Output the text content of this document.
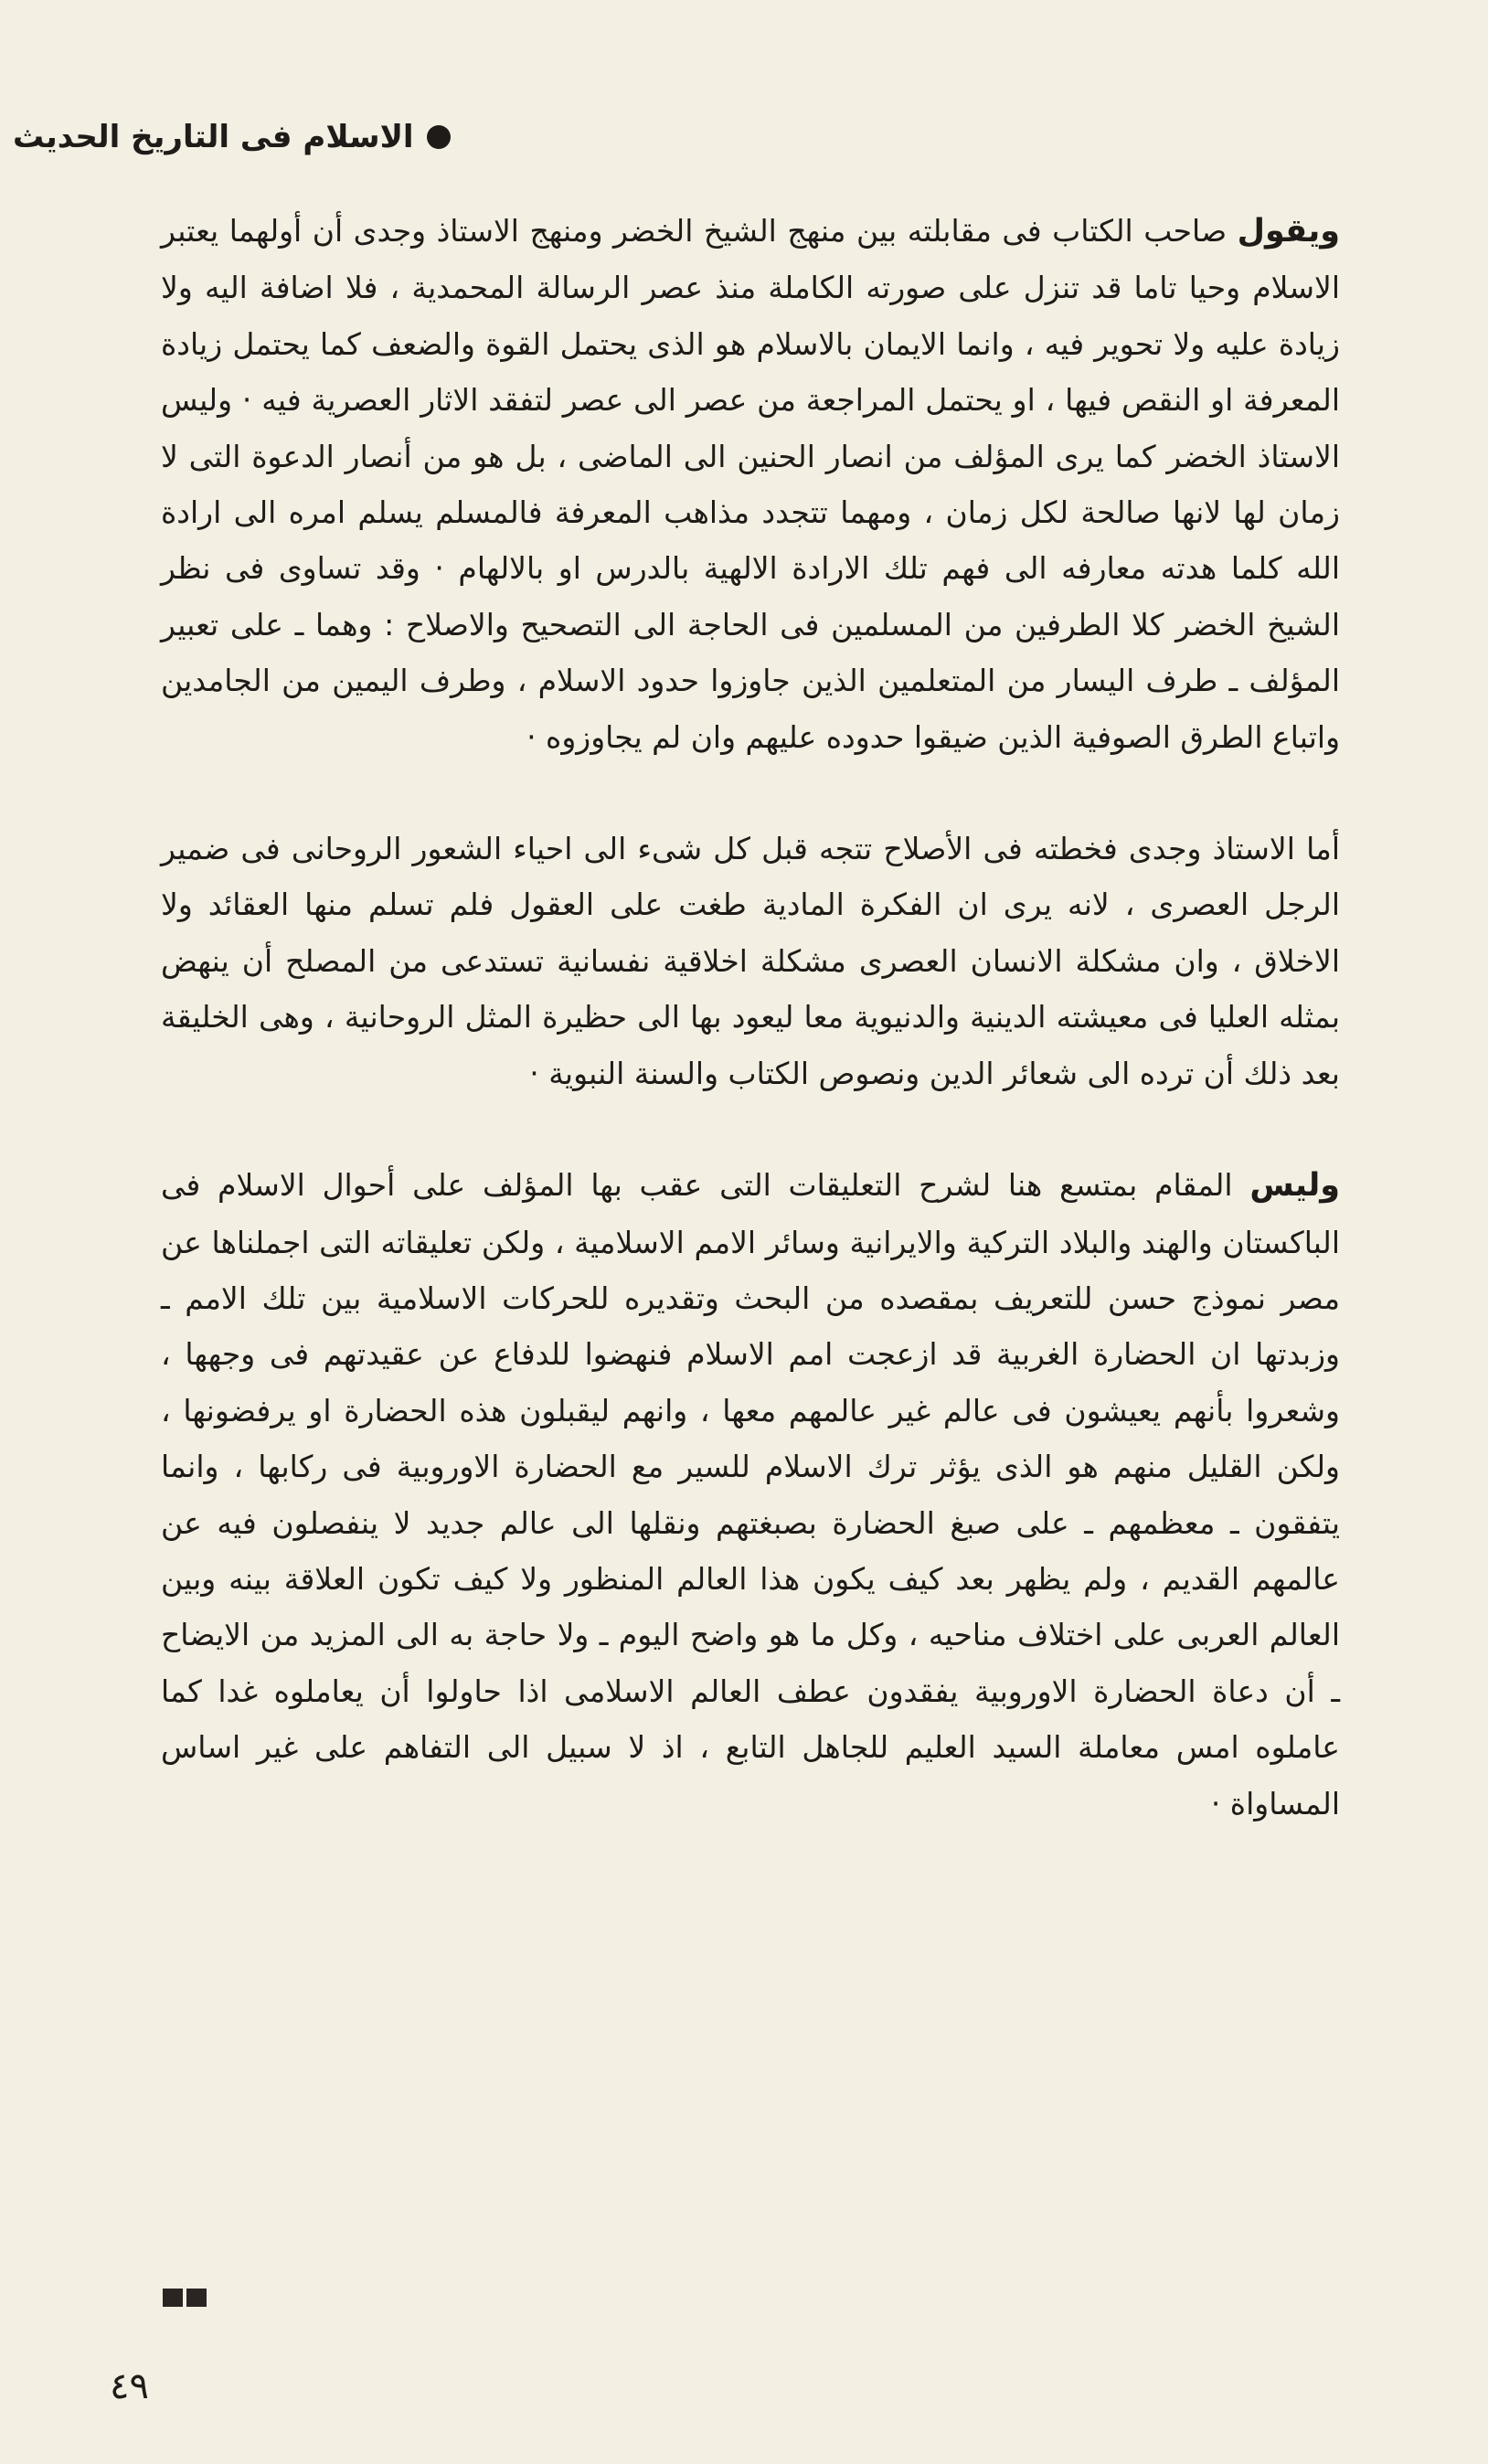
الاسلام فى التاريخ الحديث

ويقول صاحب الكتاب فى مقابلته بين منهج الشيخ الخضر ومنهج الاستاذ وجدى أن أولهما يعتبر الاسلام وحيا تاما قد تنزل على صورته الكاملة منذ عصر الرسالة المحمدية ، فلا اضافة اليه ولا زيادة عليه ولا تحوير فيه ، وانما الايمان بالاسلام هو الذى يحتمل القوة والضعف كما يحتمل زيادة المعرفة او النقص فيها ، او يحتمل المراجعة من عصر الى عصر لتفقد الاثار العصرية فيه · وليس الاستاذ الخضر كما يرى المؤلف من انصار الحنين الى الماضى ، بل هو من أنصار الدعوة التى لا زمان لها لانها صالحة لكل زمان ، ومهما تتجدد مذاهب المعرفة فالمسلم يسلم امره الى ارادة الله كلما هدته معارفه الى فهم تلك الارادة الالهية بالدرس او بالالهام · وقد تساوى فى نظر الشيخ الخضر كلا الطرفين من المسلمين فى الحاجة الى التصحيح والاصلاح : وهما ـ على تعبير المؤلف ـ طرف اليسار من المتعلمين الذين جاوزوا حدود الاسلام ، وطرف اليمين من الجامدين واتباع الطرق الصوفية الذين ضيقوا حدوده عليهم وان لم يجاوزوه ·

أما الاستاذ وجدى فخطته فى الأصلاح تتجه قبل كل شىء الى احياء الشعور الروحانى فى ضمير الرجل العصرى ، لانه يرى ان الفكرة المادية طغت على العقول فلم تسلم منها العقائد ولا الاخلاق ، وان مشكلة الانسان العصرى مشكلة اخلاقية نفسانية تستدعى من المصلح أن ينهض بمثله العليا فى معيشته الدينية والدنيوية معا ليعود بها الى حظيرة المثل الروحانية ، وهى الخليقة بعد ذلك أن ترده الى شعائر الدين ونصوص الكتاب والسنة النبوية ·

وليس المقام بمتسع هنا لشرح التعليقات التى عقب بها المؤلف على أحوال الاسلام فى الباكستان والهند والبلاد التركية والايرانية وسائر الامم الاسلامية ، ولكن تعليقاته التى اجملناها عن مصر نموذج حسن للتعريف بمقصده من البحث وتقديره للحركات الاسلامية بين تلك الامم ـ وزبدتها ان الحضارة الغربية قد ازعجت امم الاسلام فنهضوا للدفاع عن عقيدتهم فى وجهها ، وشعروا بأنهم يعيشون فى عالم غير عالمهم معها ، وانهم ليقبلون هذه الحضارة او يرفضونها ، ولكن القليل منهم هو الذى يؤثر ترك الاسلام للسير مع الحضارة الاوروبية فى ركابها ، وانما يتفقون ـ معظمهم ـ على صبغ الحضارة بصبغتهم ونقلها الى عالم جديد لا ينفصلون فيه عن عالمهم القديم ، ولم يظهر بعد كيف يكون هذا العالم المنظور ولا كيف تكون العلاقة بينه وبين العالم العربى على اختلاف مناحيه ، وكل ما هو واضح اليوم ـ ولا حاجة به الى المزيد من الايضاح ـ أن دعاة الحضارة الاوروبية يفقدون عطف العالم الاسلامى اذا حاولوا أن يعاملوه غدا كما عاملوه امس معاملة السيد العليم للجاهل التابع ، اذ لا سبيل الى التفاهم على غير اساس المساواة ·

٤٩
